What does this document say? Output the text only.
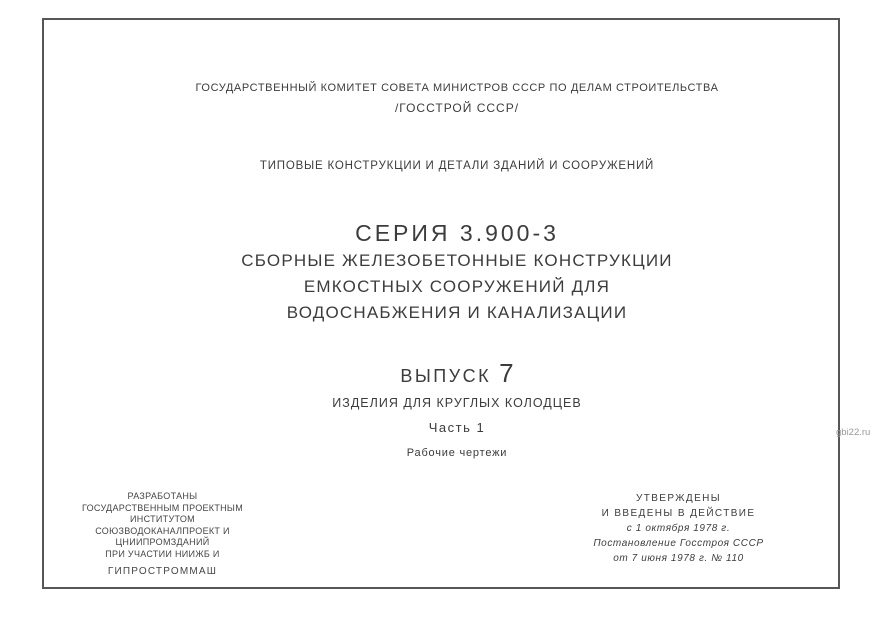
ГОСУДАРСТВЕННЫЙ КОМИТЕТ СОВЕТА МИНИСТРОВ СССР ПО ДЕЛАМ СТРОИТЕЛЬСТВА
/ГОССТРОЙ СССР/
ТИПОВЫЕ КОНСТРУКЦИИ И ДЕТАЛИ ЗДАНИЙ И СООРУЖЕНИЙ
СЕРИЯ 3.900-3
СБОРНЫЕ ЖЕЛЕЗОБЕТОННЫЕ КОНСТРУКЦИИ
ЕМКОСТНЫХ СООРУЖЕНИЙ ДЛЯ
ВОДОСНАБЖЕНИЯ И КАНАЛИЗАЦИИ
ВЫПУСК 7
ИЗДЕЛИЯ ДЛЯ КРУГЛЫХ КОЛОДЦЕВ
Часть 1
Рабочие чертежи
РАЗРАБОТАНЫ
ГОСУДАРСТВЕННЫМ ПРОЕКТНЫМ ИНСТИТУТОМ
СОЮЗВОДОКАНАЛПРОЕКТ И ЦНИИПРОМЗДАНИЙ
ПРИ УЧАСТИИ НИИЖБ И
ГИПРОСТРОММАШ
УТВЕРЖДЕНЫ
И ВВЕДЕНЫ В ДЕЙСТВИЕ
с 1 октября 1978 г.
Постановление Госстроя СССР
от 7 июня 1978 г. № 110
gbi22.ru
